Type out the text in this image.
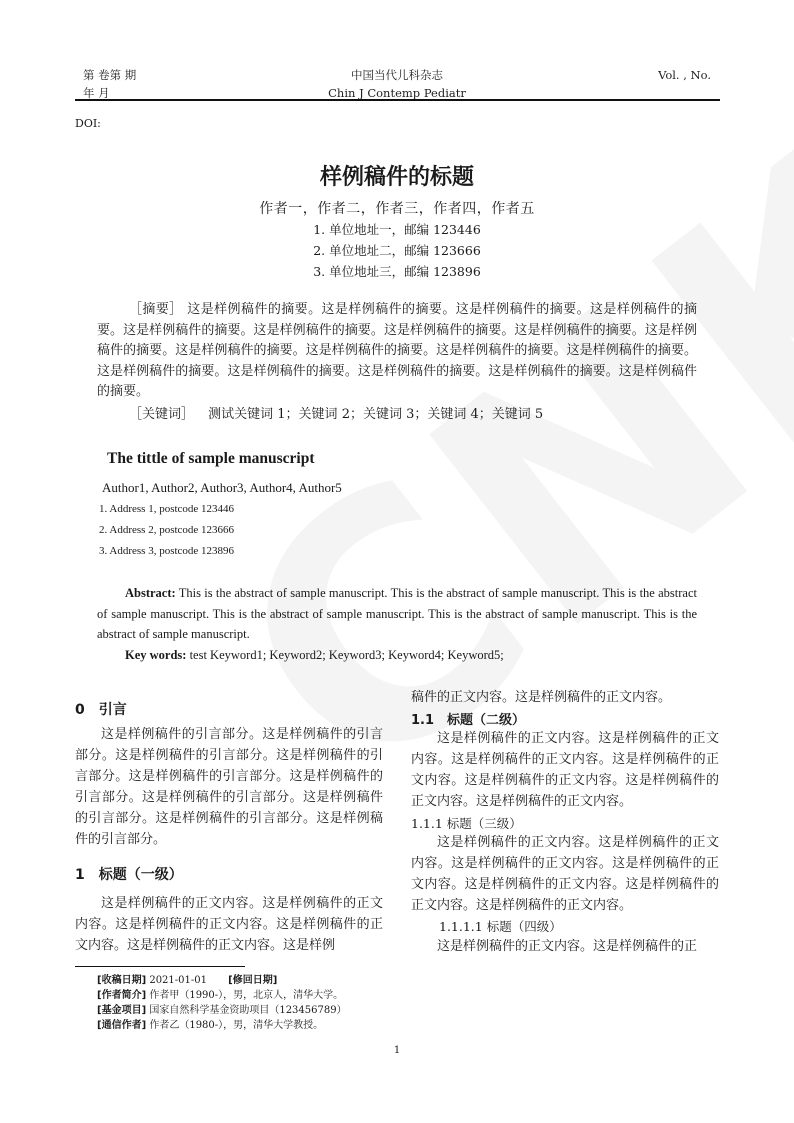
第 卷第 期
年 月
中国当代儿科杂志
Chin J Contemp Pediatr
Vol. , No.
DOI:
样例稿件的标题
作者一，作者二，作者三，作者四，作者五
1. 单位地址一，邮编 123446
2. 单位地址二，邮编 123666
3. 单位地址三，邮编 123896
［摘要］ 这是样例稿件的摘要。这是样例稿件的摘要。这是样例稿件的摘要。这是样例稿件的摘要。这是样例稿件的摘要。这是样例稿件的摘要。这是样例稿件的摘要。这是样例稿件的摘要。这是样例稿件的摘要。这是样例稿件的摘要。这是样例稿件的摘要。这是样例稿件的摘要。这是样例稿件的摘要。这是样例稿件的摘要。这是样例稿件的摘要。这是样例稿件的摘要。这是样例稿件的摘要。这是样例稿件的摘要。
［关键词］ 测试关键词 1；关键词 2；关键词 3；关键词 4；关键词 5
The tittle of sample manuscript
Author1, Author2, Author3, Author4, Author5
1. Address 1, postcode 123446
2. Address 2, postcode 123666
3. Address 3, postcode 123896
Abstract: This is the abstract of sample manuscript. This is the abstract of sample manuscript. This is the abstract of sample manuscript. This is the abstract of sample manuscript. This is the abstract of sample manuscript. This is the abstract of sample manuscript.
Key words: test Keyword1; Keyword2; Keyword3; Keyword4; Keyword5;
0　引言
这是样例稿件的引言部分。这是样例稿件的引言部分。这是样例稿件的引言部分。这是样例稿件的引言部分。这是样例稿件的引言部分。这是样例稿件的引言部分。这是样例稿件的引言部分。这是样例稿件的引言部分。这是样例稿件的引言部分。这是样例稿件的引言部分。
1　标题（一级）
这是样例稿件的正文内容。这是样例稿件的正文内容。这是样例稿件的正文内容。这是样例稿件的正文内容。这是样例稿件的正文内容。这是样例
稿件的正文内容。这是样例稿件的正文内容。
1.1　标题（二级）
这是样例稿件的正文内容。这是样例稿件的正文内容。这是样例稿件的正文内容。这是样例稿件的正文内容。这是样例稿件的正文内容。这是样例稿件的正文内容。这是样例稿件的正文内容。
1.1.1 标题（三级）
这是样例稿件的正文内容。这是样例稿件的正文内容。这是样例稿件的正文内容。这是样例稿件的正文内容。这是样例稿件的正文内容。这是样例稿件的正文内容。这是样例稿件的正文内容。
1.1.1.1 标题（四级）
这是样例稿件的正文内容。这是样例稿件的正
[收稿日期] 2021-01-01 [修回日期]
[作者简介] 作者甲（1990-），男，北京人，清华大学。
[基金项目] 国家自然科学基金资助项目（123456789）
[通信作者] 作者乙（1980-），男，清华大学教授。
1
